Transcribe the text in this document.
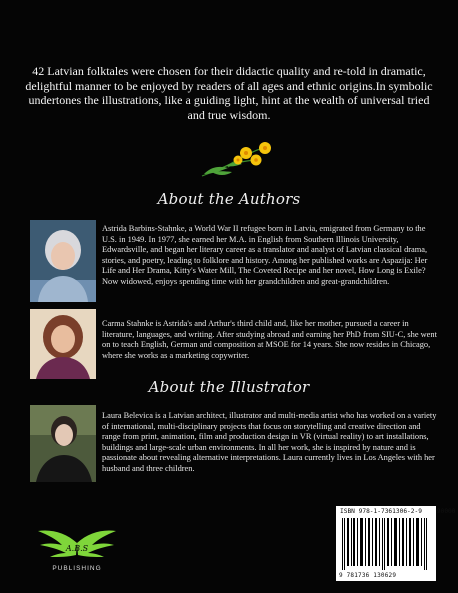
42 Latvian folktales were chosen for their didactic quality and re-told in dramatic, delightful manner to be enjoyed by readers of all ages and ethnic origins.In symbolic undertones the illustrations, like a guiding light, hint at the wealth of universal tried and true wisdom.
About the Authors
Astrida Barbins-Stahnke, a World War II refugee born in Latvia, emigrated from Germany to the U.S. in 1949. In 1977, she earned her M.A. in English from Southern Illinois University, Edwardsville, and began her literary career as a translator and analyst of Latvian classical drama, stories, and poetry, leading to folklore and history. Among her published works are Aspazija: Her Life and Her Drama, Kitty's Water Mill, The Coveted Recipe and her novel, How Long is Exile? Now widowed, enjoys spending time with her grandchildren and great-grandchildren.
Carma Stahnke is Astrida's and Arthur's third child and, like her mother, pursued a career in literature, languages, and writing. After studying abroad and earning her PhD from SIU-C, she went on to teach English, German and composition at MSOE for 14 years. She now resides in Chicago, where she works as a marketing copywriter.
About the Illustrator
Laura Belevica is a Latvian architect, illustrator and multi-media artist who has worked on a variety of international, multi-disciplinary projects that focus on storytelling and creative direction and range from print, animation, film and production design in VR (virtual reality) to art installations, buildings and large-scale urban environments. In all her work, she is inspired by nature and is passionate about revealing alternative interpretations. Laura currently lives in Los Angeles with her husband and three children.
A.B.S
PUBLISHING
ISBN 978-1-7361306-2-9 90000
9 781736 130629
